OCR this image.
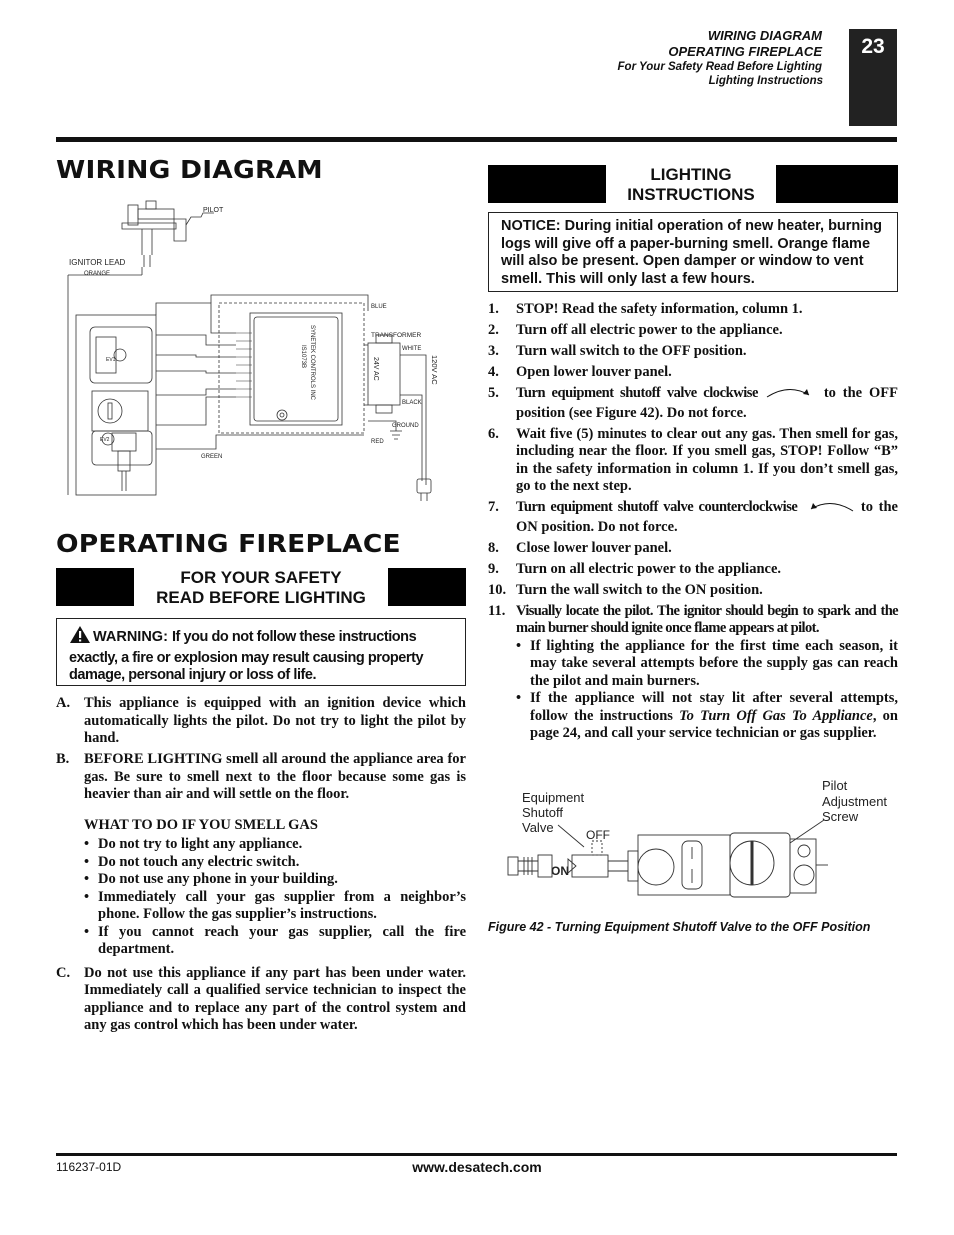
WIRING DIAGRAM
OPERATING FIREPLACE
For Your Safety Read Before Lighting
Lighting Instructions
23
WIRING DIAGRAM
PILOT
IGNITOR LEAD
ORANGE
BLUE
TRANSFORMER
WHITE
BLACK
GROUND
RED
GREEN
24V AC	120V AC
SYNETEK CONTROLS INC
IS1073B
EV1
EV2
OPERATING FIREPLACE
FOR YOUR SAFETY
READ BEFORE LIGHTING
WARNING: If you do not follow these instructions exactly, a fire or explosion may result causing property damage, personal injury or loss of life.
A. This appliance is equipped with an ignition device which automatically lights the pilot. Do not try to light the pilot by hand.
B. BEFORE LIGHTING smell all around the appliance area for gas. Be sure to smell next to the floor because some gas is heavier than air and will settle on the floor.
WHAT TO DO IF YOU SMELL GAS
• Do not try to light any appliance.
• Do not touch any electric switch.
• Do not use any phone in your building.
• Immediately call your gas supplier from a neighbor’s phone. Follow the gas supplier’s instructions.
• If you cannot reach your gas supplier, call the fire department.
C. Do not use this appliance if any part has been under water. Immediately call a qualified service technician to inspect the appliance and to replace any part of the control system and any gas control which has been under water.
LIGHTING
INSTRUCTIONS
NOTICE: During initial operation of new heater, burning logs will give off a paper-burning smell. Orange flame will also be present. Open damper or window to vent smell. This will only last a few hours.
1. STOP! Read the safety information, column 1.
2. Turn off all electric power to the appliance.
3. Turn wall switch to the OFF position.
4. Open lower louver panel.
5. Turn equipment shutoff valve clockwise	to the OFF position (see Figure 42). Do not force.
6. Wait five (5) minutes to clear out any gas. Then smell for gas, including near the floor. If you smell gas, STOP! Follow “B” in the safety information in column 1. If you don’t smell gas, go to the next step.
7. Turn equipment shutoff valve counterclockwise	to the ON position. Do not force.
8. Close lower louver panel.
9. Turn on all electric power to the appliance.
10. Turn the wall switch to the ON position.
11. Visually locate the pilot. The ignitor should begin to spark and the main burner should ignite once flame appears at pilot.
• If lighting the appliance for the first time each season, it may take several attempts before the supply gas can reach the pilot and main burners.
• If the appliance will not stay lit after several attempts, follow the instructions To Turn Off Gas To Appliance, on page 24, and call your service technician or gas supplier.
Equipment
Shutoff
Valve
Pilot
Adjustment
Screw
OFF
ON
Figure 42 - Turning Equipment Shutoff Valve to the OFF Position
116237-01D	www.desatech.com
